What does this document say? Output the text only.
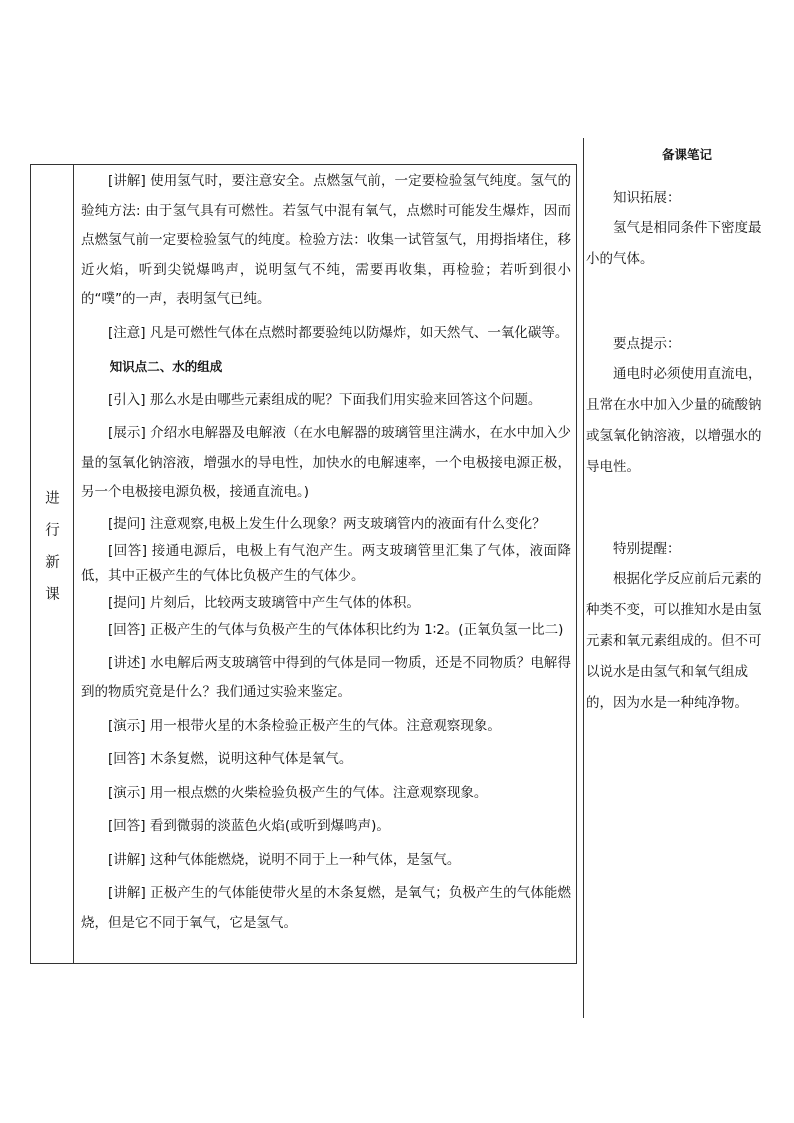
进
行
新
课

[讲解] 使用氢气时，要注意安全。点燃氢气前，一定要检验氢气纯度。氢气的验纯方法: 由于氢气具有可燃性。若氢气中混有氧气，点燃时可能发生爆炸，因而点燃氢气前一定要检验氢气的纯度。检验方法：收集一试管氢气，用拇指堵住，移近火焰，听到尖锐爆鸣声，说明氢气不纯，需要再收集，再检验；若听到很小的“噗”的一声，表明氢气已纯。

[注意] 凡是可燃性气体在点燃时都要验纯以防爆炸，如天然气、一氧化碳等。

知识点二、水的组成

[引入] 那么水是由哪些元素组成的呢？下面我们用实验来回答这个问题。

[展示] 介绍水电解器及电解液（在水电解器的玻璃管里注满水，在水中加入少量的氢氧化钠溶液，增强水的导电性，加快水的电解速率，一个电极接电源正极，另一个电极接电源负极，接通直流电。)

[提问] 注意观察,电极上发生什么现象？两支玻璃管内的液面有什么变化？

[回答] 接通电源后，电极上有气泡产生。两支玻璃管里汇集了气体，液面降低，其中正极产生的气体比负极产生的气体少。

[提问] 片刻后，比较两支玻璃管中产生气体的体积。

[回答] 正极产生的气体与负极产生的气体体积比约为 1∶2。(正氧负氢一比二)

[讲述] 水电解后两支玻璃管中得到的气体是同一物质，还是不同物质？电解得到的物质究竟是什么？我们通过实验来鉴定。

[演示] 用一根带火星的木条检验正极产生的气体。注意观察现象。

[回答] 木条复燃，说明这种气体是氧气。

[演示] 用一根点燃的火柴检验负极产生的气体。注意观察现象。

[回答] 看到微弱的淡蓝色火焰(或听到爆鸣声)。

[讲解] 这种气体能燃烧，说明不同于上一种气体，是氢气。

[讲解] 正极产生的气体能使带火星的木条复燃，是氧气；负极产生的气体能燃烧，但是它不同于氧气，它是氢气。

备课笔记
知识拓展：
氢气是相同条件下密度最小的气体。
要点提示：
通电时必须使用直流电，且常在水中加入少量的硫酸钠或氢氧化钠溶液，以增强水的导电性。
特别提醒：
根据化学反应前后元素的种类不变，可以推知水是由氢元素和氧元素组成的。但不可以说水是由氢气和氧气组成的，因为水是一种纯净物。
